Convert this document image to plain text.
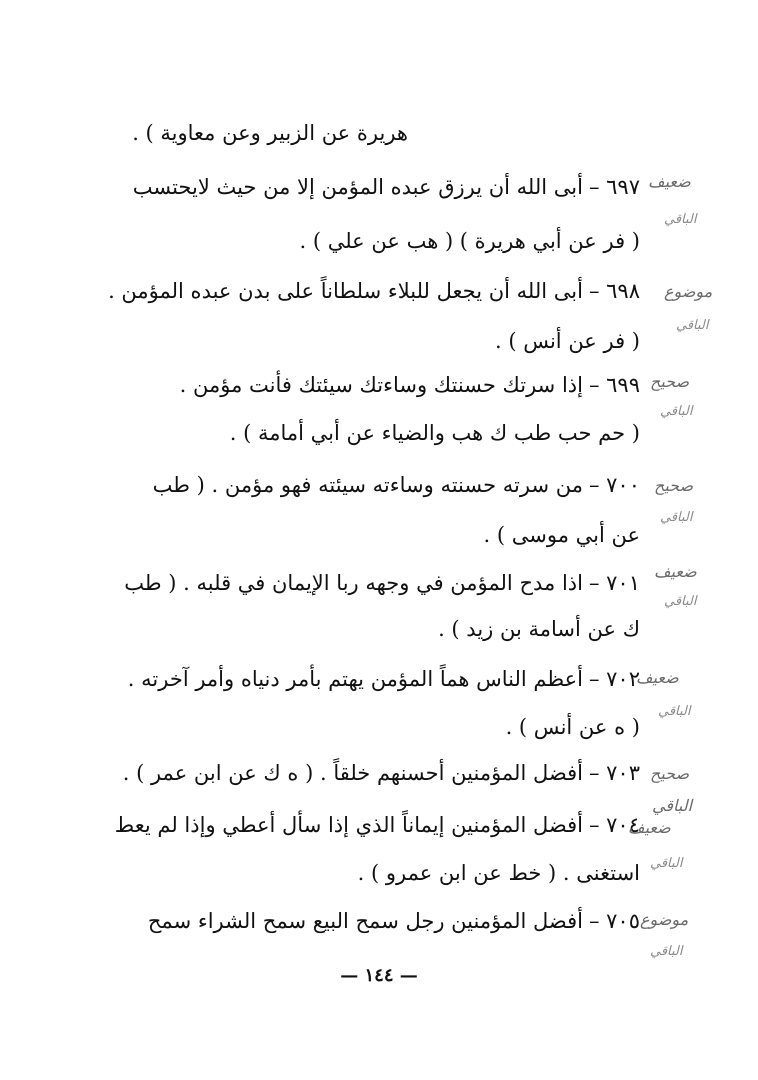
هريرة عن الزبير وعن معاوية ) .
٦٩٧ –أبى الله أن يرزق عبده المؤمن إلا من حيث لايحتسب
( فر عن أبي هريرة ) ( هب عن علي ) .
٦٩٨ –أبى الله أن يجعل للبلاء سلطاناً على بدن عبده المؤمن .
( فر عن أنس ) .
٦٩٩ –إذا سرتك حسنتك وساءتك سيئتك فأنت مؤمن .
( حم حب طب ك هب والضياء عن أبي أمامة ) .
٧٠٠ –من سرته حسنته وساءته سيئته فهو مؤمن . ( طب
عن أبي موسى ) .
٧٠١ –اذا مدح المؤمن في وجهه ربا الإيمان في قلبه . ( طب
ك عن أسامة بن زيد ) .
٧٠٢ –أعظم الناس هماً المؤمن يهتم بأمر دنياه وأمر آخرته .
( ه عن أنس ) .
٧٠٣ –أفضل المؤمنين أحسنهم خلقاً . ( ه ك عن ابن عمر ) .
٧٠٤ –أفضل المؤمنين إيماناً الذي إذا سأل أعطي وإذا لم يعط
استغنى . ( خط عن ابن عمرو ) .
٧٠٥ –أفضل المؤمنين رجل سمح البيع سمح الشراء سمح
ضعيف
الباقي
موضوع
الباقي
صحيح
الباقي
صحيح
الباقي
ضعيف
الباقي
ضعيف
الباقي
صحيح
الباقي
ضعيف
الباقي
موضوع
الباقي
— ١٤٤ —
